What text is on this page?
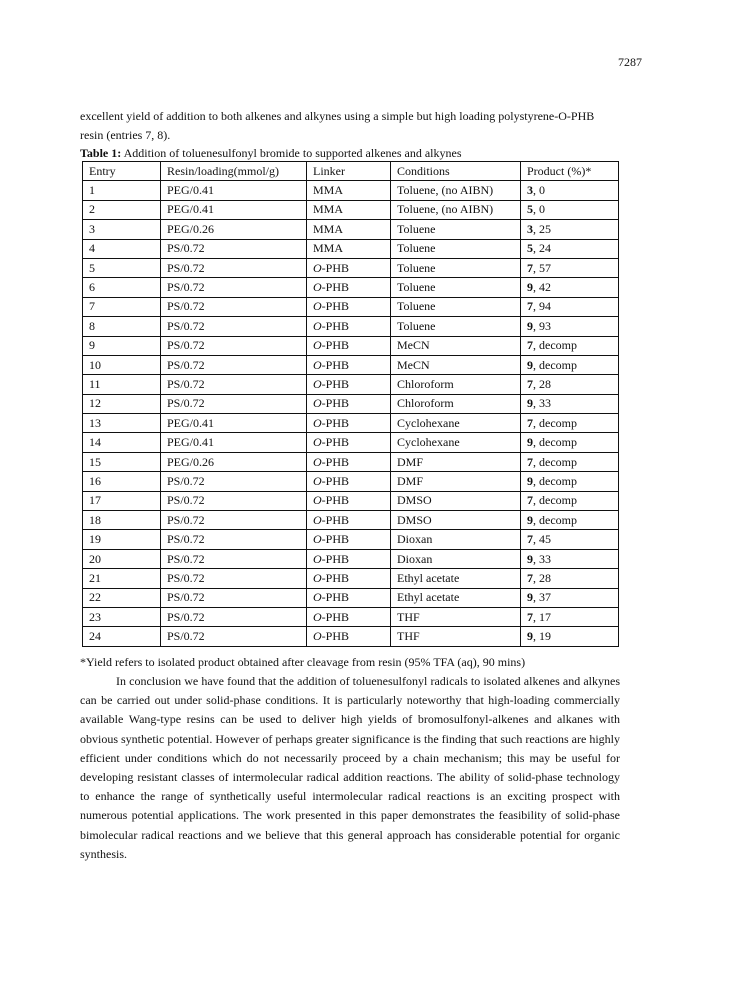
7287

excellent yield of addition to both alkenes and alkynes using a simple but high loading polystyrene-O-PHB resin (entries 7, 8).

Table 1: Addition of toluenesulfonyl bromide to supported alkenes and alkynes

Entry	Resin/loading(mmol/g)	Linker	Conditions	Product (%)*
1	PEG/0.41	MMA	Toluene, (no AIBN)	3, 0
2	PEG/0.41	MMA	Toluene, (no AIBN)	5, 0
3	PEG/0.26	MMA	Toluene	3, 25
4	PS/0.72	MMA	Toluene	5, 24
5	PS/0.72	O-PHB	Toluene	7, 57
6	PS/0.72	O-PHB	Toluene	9, 42
7	PS/0.72	O-PHB	Toluene	7, 94
8	PS/0.72	O-PHB	Toluene	9, 93
9	PS/0.72	O-PHB	MeCN	7, decomp
10	PS/0.72	O-PHB	MeCN	9, decomp
11	PS/0.72	O-PHB	Chloroform	7, 28
12	PS/0.72	O-PHB	Chloroform	9, 33
13	PEG/0.41	O-PHB	Cyclohexane	7, decomp
14	PEG/0.41	O-PHB	Cyclohexane	9, decomp
15	PEG/0.26	O-PHB	DMF	7, decomp
16	PS/0.72	O-PHB	DMF	9, decomp
17	PS/0.72	O-PHB	DMSO	7, decomp
18	PS/0.72	O-PHB	DMSO	9, decomp
19	PS/0.72	O-PHB	Dioxan	7, 45
20	PS/0.72	O-PHB	Dioxan	9, 33
21	PS/0.72	O-PHB	Ethyl acetate	7, 28
22	PS/0.72	O-PHB	Ethyl acetate	9, 37
23	PS/0.72	O-PHB	THF	7, 17
24	PS/0.72	O-PHB	THF	9, 19

*Yield refers to isolated product obtained after cleavage from resin (95% TFA (aq), 90 mins)

In conclusion we have found that the addition of toluenesulfonyl radicals to isolated alkenes and alkynes can be carried out under solid-phase conditions. It is particularly noteworthy that high-loading commercially available Wang-type resins can be used to deliver high yields of bromosulfonyl-alkenes and alkanes with obvious synthetic potential. However of perhaps greater significance is the finding that such reactions are highly efficient under conditions which do not necessarily proceed by a chain mechanism; this may be useful for developing resistant classes of intermolecular radical addition reactions. The ability of solid-phase technology to enhance the range of synthetically useful intermolecular radical reactions is an exciting prospect with numerous potential applications. The work presented in this paper demonstrates the feasibility of solid-phase bimolecular radical reactions and we believe that this general approach has considerable potential for organic synthesis.
